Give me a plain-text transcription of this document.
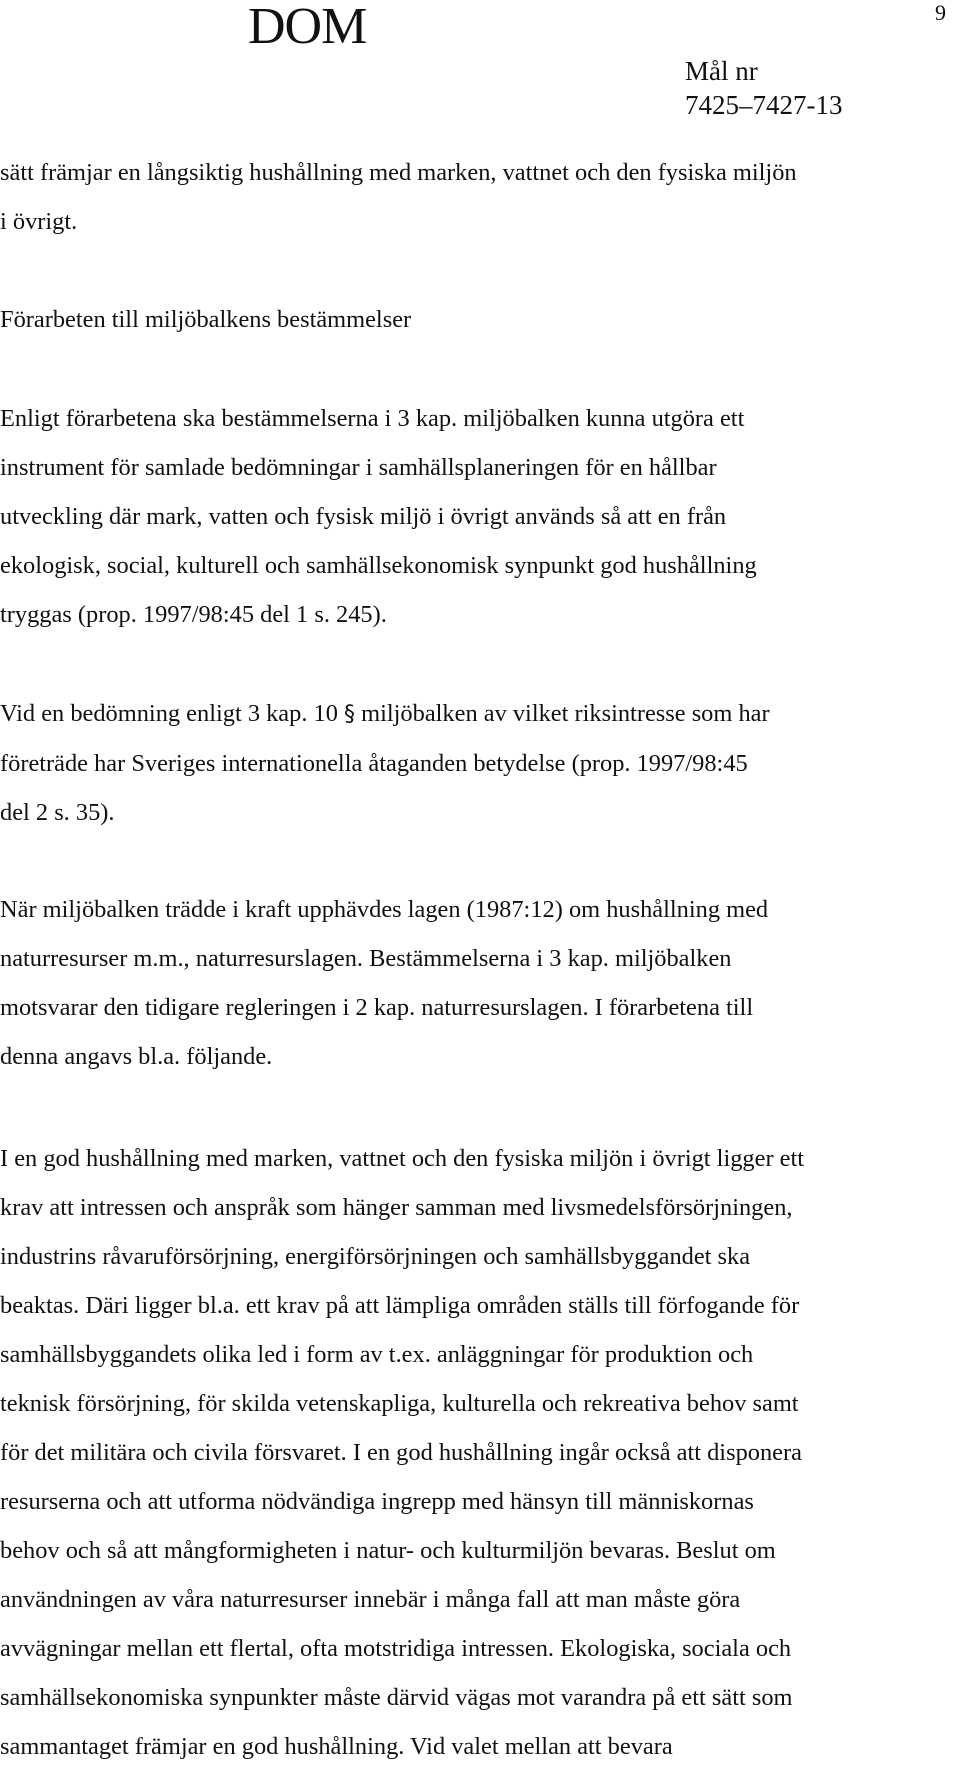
DOM	9
Mål nr
7425–7427-13

sätt främjar en långsiktig hushållning med marken, vattnet och den fysiska miljön
i övrigt.

Förarbeten till miljöbalkens bestämmelser

Enligt förarbetena ska bestämmelserna i 3 kap. miljöbalken kunna utgöra ett
instrument för samlade bedömningar i samhällsplaneringen för en hållbar
utveckling där mark, vatten och fysisk miljö i övrigt används så att en från
ekologisk, social, kulturell och samhällsekonomisk synpunkt god hushållning
tryggas (prop. 1997/98:45 del 1 s. 245).

Vid en bedömning enligt 3 kap. 10 § miljöbalken av vilket riksintresse som har
företräde har Sveriges internationella åtaganden betydelse (prop. 1997/98:45
del 2 s. 35).

När miljöbalken trädde i kraft upphävdes lagen (1987:12) om hushållning med
naturresurser m.m., naturresurslagen. Bestämmelserna i 3 kap. miljöbalken
motsvarar den tidigare regleringen i 2 kap. naturresurslagen. I förarbetena till
denna angavs bl.a. följande.

I en god hushållning med marken, vattnet och den fysiska miljön i övrigt ligger ett
krav att intressen och anspråk som hänger samman med livsmedelsförsörjningen,
industrins råvaruförsörjning, energiförsörjningen och samhällsbyggandet ska
beaktas. Däri ligger bl.a. ett krav på att lämpliga områden ställs till förfogande för
samhällsbyggandets olika led i form av t.ex. anläggningar för produktion och
teknisk försörjning, för skilda vetenskapliga, kulturella och rekreativa behov samt
för det militära och civila försvaret. I en god hushållning ingår också att disponera
resurserna och att utforma nödvändiga ingrepp med hänsyn till människornas
behov och så att mångformigheten i natur- och kulturmiljön bevaras. Beslut om
användningen av våra naturresurser innebär i många fall att man måste göra
avvägningar mellan ett flertal, ofta motstridiga intressen. Ekologiska, sociala och
samhällsekonomiska synpunkter måste därvid vägas mot varandra på ett sätt som
sammantaget främjar en god hushållning. Vid valet mellan att bevara
